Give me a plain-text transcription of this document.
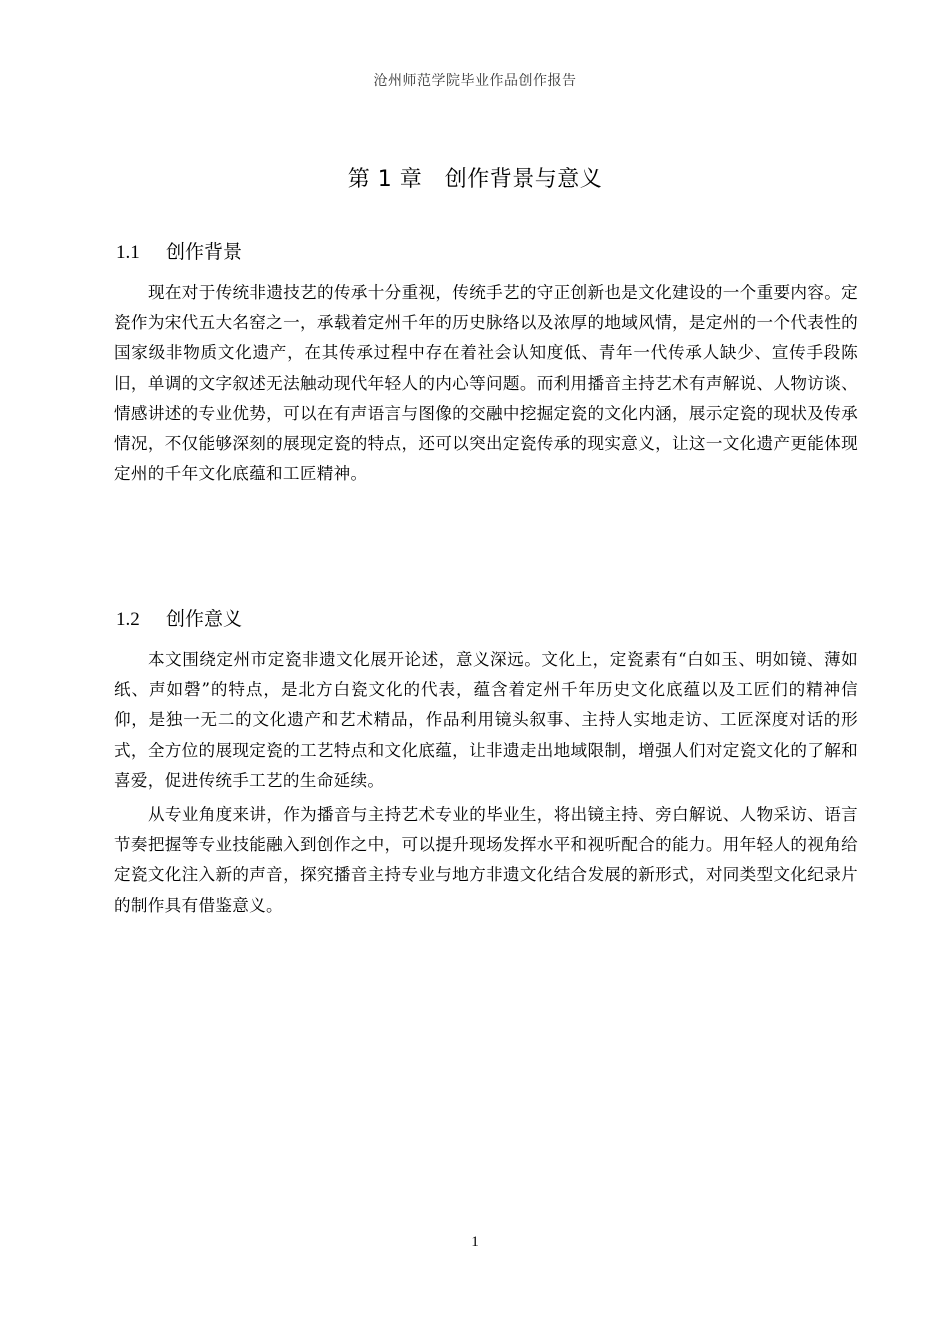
沧州师范学院毕业作品创作报告
第 1 章　创作背景与意义
1.1 创作背景

现在对于传统非遗技艺的传承十分重视，传统手艺的守正创新也是文化建设的一个重要内容。定瓷作为宋代五大名窑之一，承载着定州千年的历史脉络以及浓厚的地域风情，是定州的一个代表性的国家级非物质文化遗产，在其传承过程中存在着社会认知度低、青年一代传承人缺少、宣传手段陈旧，单调的文字叙述无法触动现代年轻人的内心等问题。而利用播音主持艺术有声解说、人物访谈、情感讲述的专业优势，可以在有声语言与图像的交融中挖掘定瓷的文化内涵，展示定瓷的现状及传承情况，不仅能够深刻的展现定瓷的特点，还可以突出定瓷传承的现实意义，让这一文化遗产更能体现定州的千年文化底蕴和工匠精神。

1.2 创作意义

本文围绕定州市定瓷非遗文化展开论述，意义深远。文化上，定瓷素有“白如玉、明如镜、薄如纸、声如磬”的特点，是北方白瓷文化的代表，蕴含着定州千年历史文化底蕴以及工匠们的精神信仰，是独一无二的文化遗产和艺术精品，作品利用镜头叙事、主持人实地走访、工匠深度对话的形式，全方位的展现定瓷的工艺特点和文化底蕴，让非遗走出地域限制，增强人们对定瓷文化的了解和喜爱，促进传统手工艺的生命延续。

从专业角度来讲，作为播音与主持艺术专业的毕业生，将出镜主持、旁白解说、人物采访、语言节奏把握等专业技能融入到创作之中，可以提升现场发挥水平和视听配合的能力。用年轻人的视角给定瓷文化注入新的声音，探究播音主持专业与地方非遗文化结合发展的新形式，对同类型文化纪录片的制作具有借鉴意义。

1
